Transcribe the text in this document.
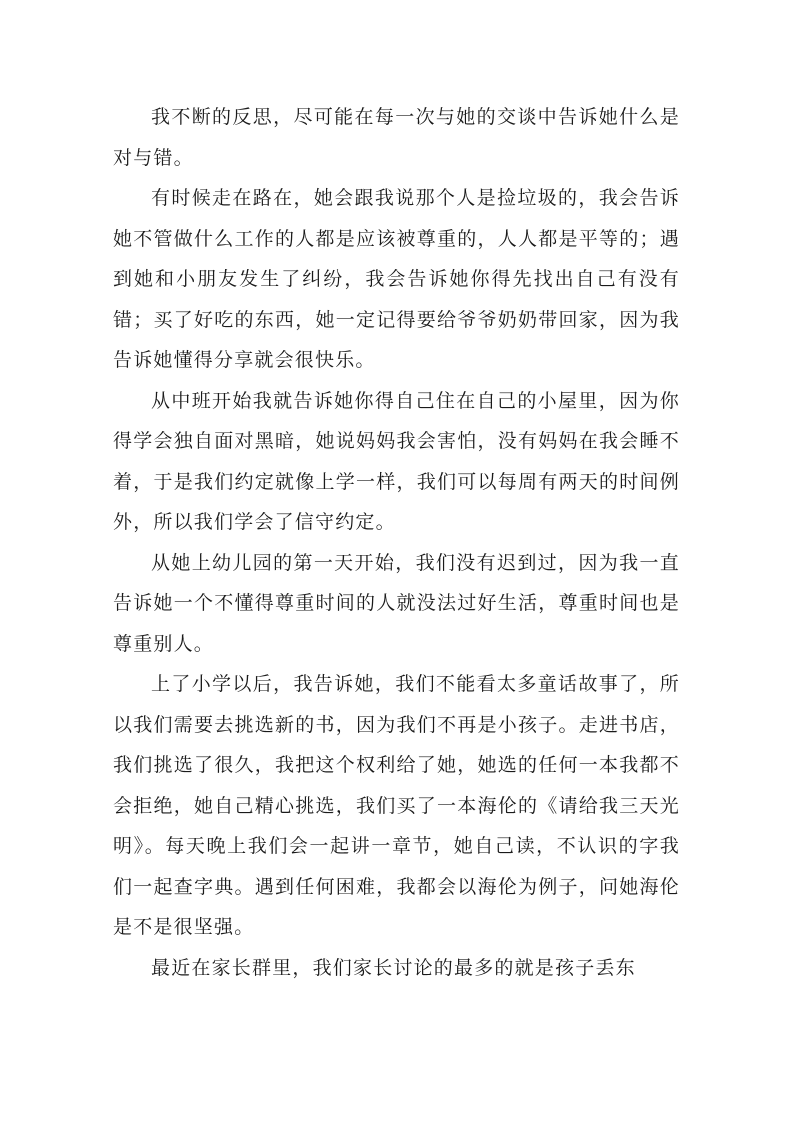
我不断的反思，尽可能在每一次与她的交谈中告诉她什么是对与错。

有时候走在路在，她会跟我说那个人是捡垃圾的，我会告诉她不管做什么工作的人都是应该被尊重的，人人都是平等的；遇到她和小朋友发生了纠纷，我会告诉她你得先找出自己有没有错；买了好吃的东西，她一定记得要给爷爷奶奶带回家，因为我告诉她懂得分享就会很快乐。

从中班开始我就告诉她你得自己住在自己的小屋里，因为你得学会独自面对黑暗，她说妈妈我会害怕，没有妈妈在我会睡不着，于是我们约定就像上学一样，我们可以每周有两天的时间例外，所以我们学会了信守约定。

从她上幼儿园的第一天开始，我们没有迟到过，因为我一直告诉她一个不懂得尊重时间的人就没法过好生活，尊重时间也是尊重别人。

上了小学以后，我告诉她，我们不能看太多童话故事了，所以我们需要去挑选新的书，因为我们不再是小孩子。走进书店，我们挑选了很久，我把这个权利给了她，她选的任何一本我都不会拒绝，她自己精心挑选，我们买了一本海伦的《请给我三天光明》。每天晚上我们会一起讲一章节，她自己读，不认识的字我们一起查字典。遇到任何困难，我都会以海伦为例子，问她海伦是不是很坚强。

最近在家长群里，我们家长讨论的最多的就是孩子丢东
